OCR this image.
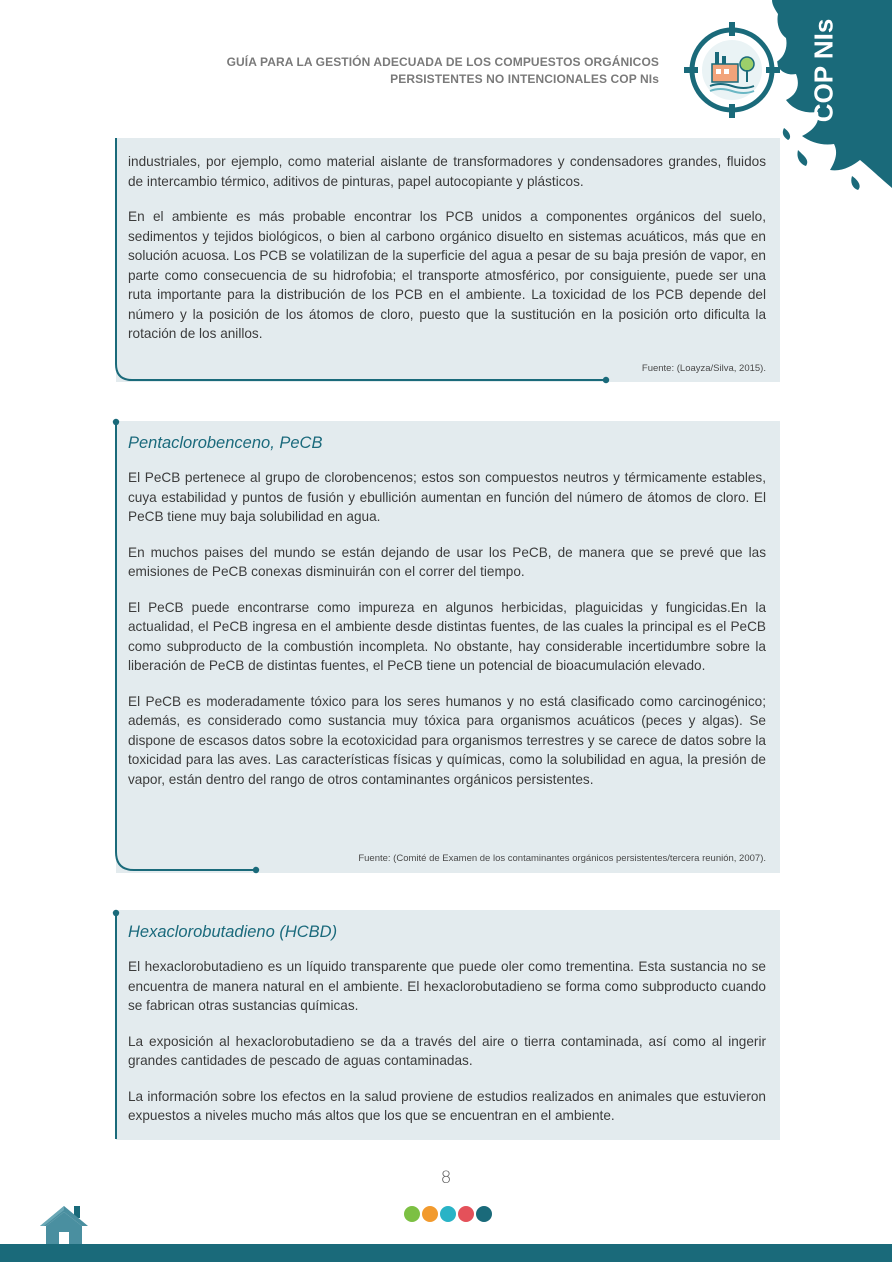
COP NIs
GUÍA PARA LA GESTIÓN ADECUADA DE LOS COMPUESTOS ORGÁNICOS
PERSISTENTES NO INTENCIONALES COP NIs

industriales, por ejemplo, como material aislante de transformadores y condensadores grandes, fluidos de intercambio térmico, aditivos de pinturas, papel autocopiante y plásticos.

En el ambiente es más probable encontrar los PCB unidos a componentes orgánicos del suelo, sedimentos y tejidos biológicos, o bien al carbono orgánico disuelto en sistemas acuáticos, más que en solución acuosa. Los PCB se volatilizan de la superficie del agua a pesar de su baja presión de vapor, en parte como consecuencia de su hidrofobia; el transporte atmosférico, por consiguiente, puede ser una ruta importante para la distribución de los PCB en el ambiente. La toxicidad de los PCB depende del número y la posición de los átomos de cloro, puesto que la sustitución en la posición orto dificulta la rotación de los anillos.

Fuente: (Loayza/Silva, 2015).
Pentaclorobenceno, PeCB

El PeCB pertenece al grupo de clorobencenos; estos son compuestos neutros y térmicamente estables, cuya estabilidad y puntos de fusión y ebullición aumentan en función del número de átomos de cloro. El PeCB tiene muy baja solubilidad en agua.

En muchos paises del mundo se están dejando de usar los PeCB, de manera que se prevé que las emisiones de PeCB conexas disminuirán con el correr del tiempo.

El PeCB puede encontrarse como impureza en algunos herbicidas, plaguicidas y fungicidas.En la actualidad, el PeCB ingresa en el ambiente desde distintas fuentes, de las cuales la principal es el PeCB como subproducto de la combustión incompleta. No obstante, hay considerable incertidumbre sobre la liberación de PeCB de distintas fuentes, el PeCB tiene un potencial de bioacumulación elevado.

El PeCB es moderadamente tóxico para los seres humanos y no está clasificado como carcinogénico; además, es considerado como sustancia muy tóxica para organismos acuáticos (peces y algas). Se dispone de escasos datos sobre la ecotoxicidad para organismos terrestres y se carece de datos sobre la toxicidad para las aves. Las características físicas y químicas, como la solubilidad en agua, la presión de vapor, están dentro del rango de otros contaminantes orgánicos persistentes.

Fuente: (Comité de Examen de los contaminantes orgánicos persistentes/tercera reunión, 2007).
Hexaclorobutadieno (HCBD)

El hexaclorobutadieno es un líquido transparente que puede oler como trementina. Esta sustancia no se encuentra de manera natural en el ambiente. El hexaclorobutadieno se forma como subproducto cuando se fabrican otras sustancias químicas.

La exposición al hexaclorobutadieno se da a través del aire o tierra contaminada, así como al ingerir grandes cantidades de pescado de aguas contaminadas.

La información sobre los efectos en la salud proviene de estudios realizados en animales que estuvieron expuestos a niveles mucho más altos que los que se encuentran en el ambiente.

8
